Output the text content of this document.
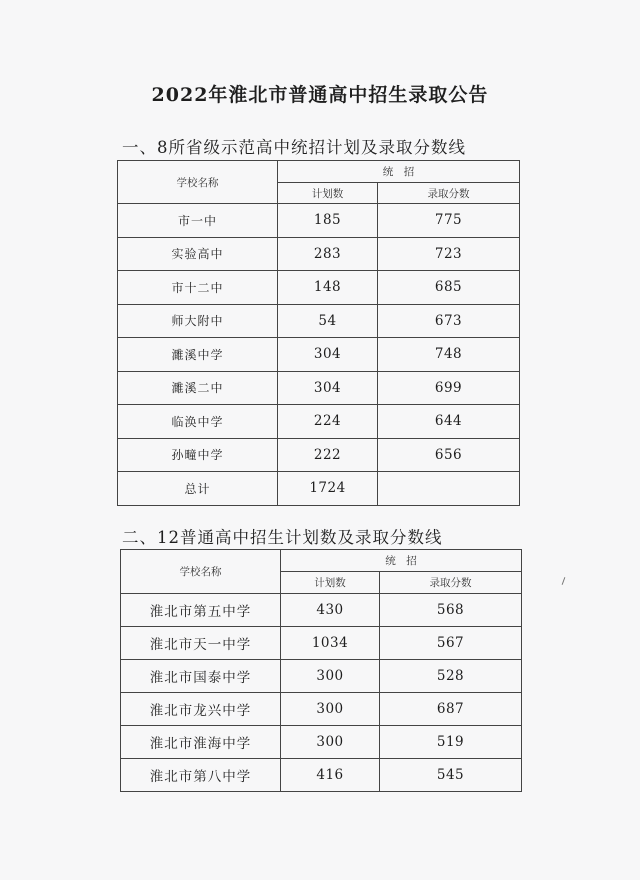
2022年淮北市普通高中招生录取公告
一、8所省级示范高中统招计划及录取分数线
学校名称	统　招	
	计划数	录取分数
市一中	185	775
实验高中	283	723
市十二中	148	685
师大附中	54	673
濉溪中学	304	748
濉溪二中	304	699
临涣中学	224	644
孙疃中学	222	656
总计	1724	
二、12普通高中招生计划数及录取分数线
学校名称	统　招	
	计划数	录取分数
淮北市第五中学	430	568
淮北市天一中学	1034	567
淮北市国泰中学	300	528
淮北市龙兴中学	300	687
淮北市淮海中学	300	519
淮北市第八中学	416	545
